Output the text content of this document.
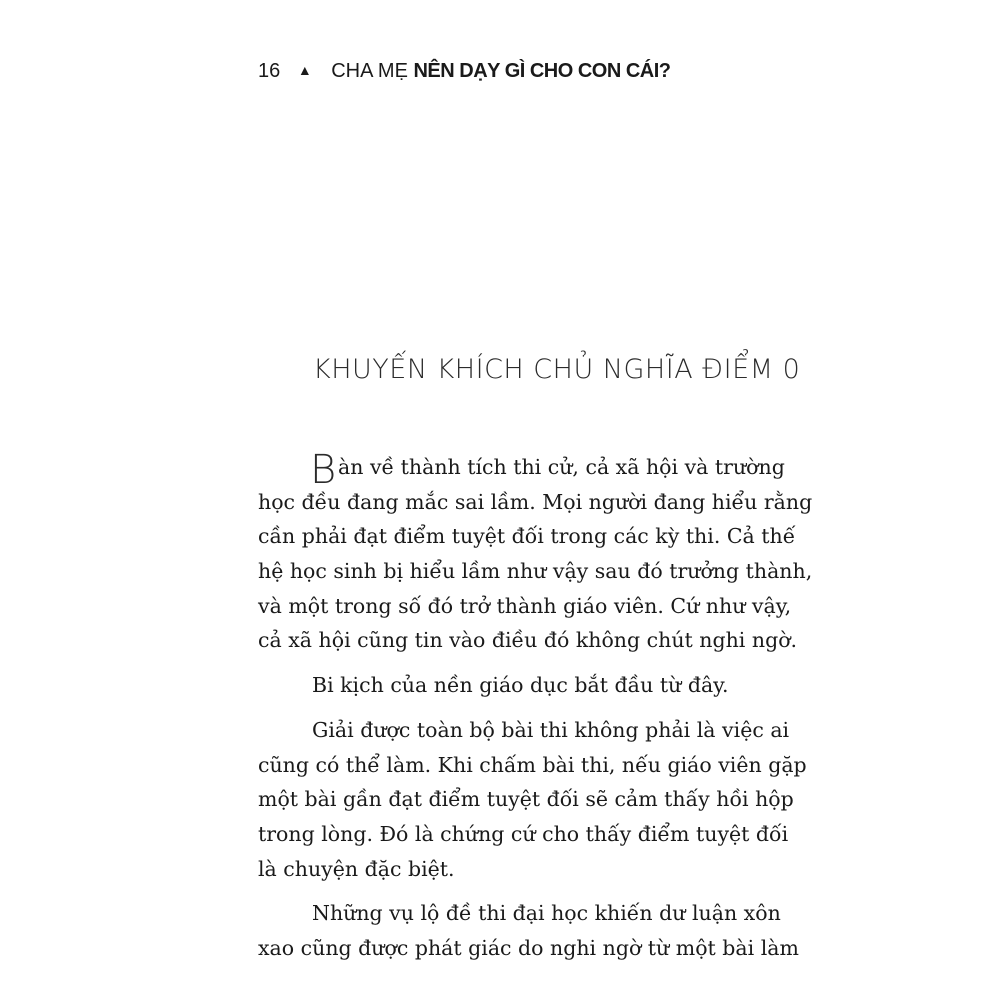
16 ▲ CHA MẸ NÊN DẠY GÌ CHO CON CÁI?
KHUYẾN KHÍCH CHỦ NGHĨA ĐIỂM 0
B àn về thành tích thi cử, cả xã hội và trường
học đều đang mắc sai lầm. Mọi người đang hiểu rằng
cần phải đạt điểm tuyệt đối trong các kỳ thi. Cả thế
hệ học sinh bị hiểu lầm như vậy sau đó trưởng thành,
và một trong số đó trở thành giáo viên. Cứ như vậy,
cả xã hội cũng tin vào điều đó không chút nghi ngờ.
Bi kịch của nền giáo dục bắt đầu từ đây.
Giải được toàn bộ bài thi không phải là việc ai
cũng có thể làm. Khi chấm bài thi, nếu giáo viên gặp
một bài gần đạt điểm tuyệt đối sẽ cảm thấy hồi hộp
trong lòng. Đó là chứng cứ cho thấy điểm tuyệt đối
là chuyện đặc biệt.
Những vụ lộ đề thi đại học khiến dư luận xôn
xao cũng được phát giác do nghi ngờ từ một bài làm
